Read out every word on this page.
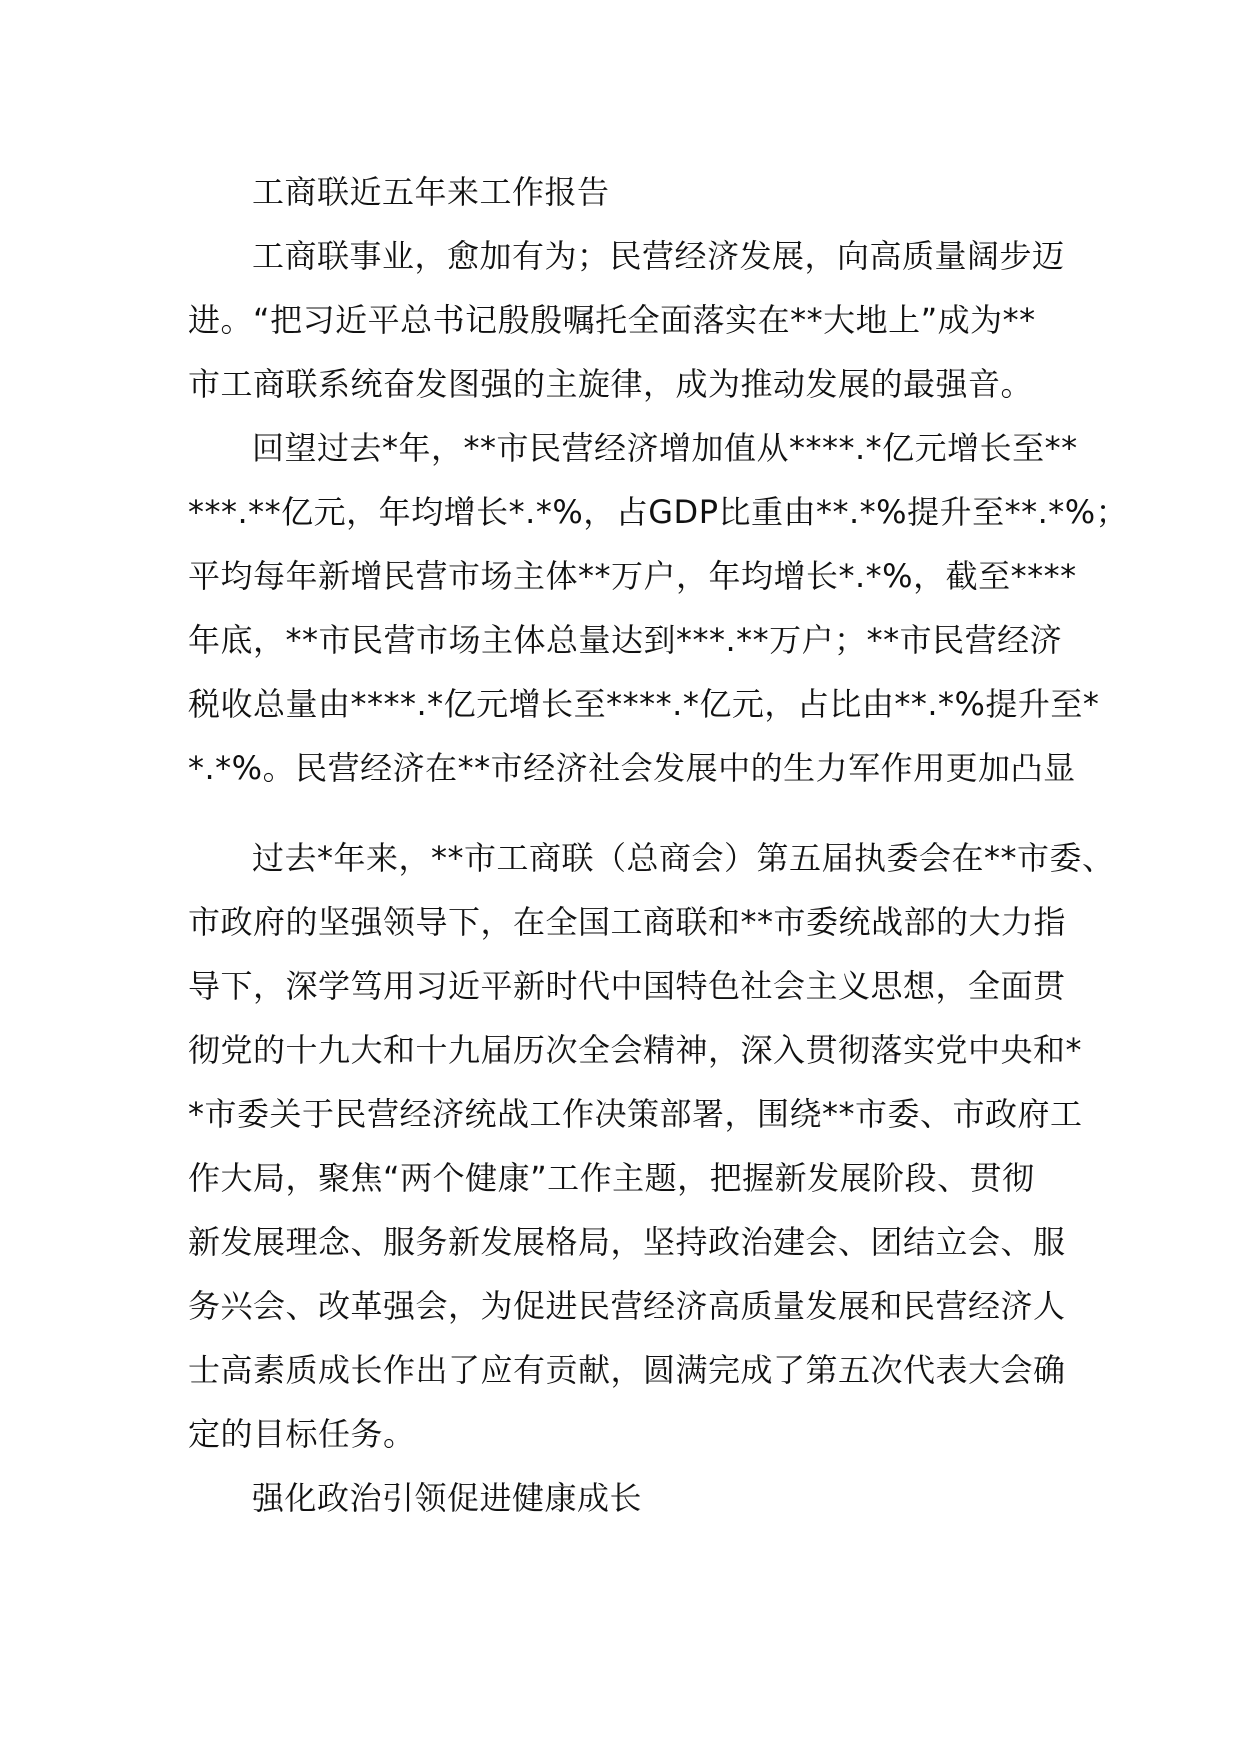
工商联近五年来工作报告

工商联事业，愈加有为；民营经济发展，向高质量阔步迈
进。“把习近平总书记殷殷嘱托全面落实在**大地上”成为**
市工商联系统奋发图强的主旋律，成为推动发展的最强音。

回望过去*年，**市民营经济增加值从****.*亿元增长至**
***.**亿元，年均增长*.*%，占GDP比重由**.*%提升至**.*%；
平均每年新增民营市场主体**万户，年均增长*.*%，截至****
年底，**市民营市场主体总量达到***.**万户；**市民营经济
税收总量由****.*亿元增长至****.*亿元，占比由**.*%提升至*
*.*%。民营经济在**市经济社会发展中的生力军作用更加凸显

过去*年来，**市工商联（总商会）第五届执委会在**市委、
市政府的坚强领导下，在全国工商联和**市委统战部的大力指
导下，深学笃用习近平新时代中国特色社会主义思想，全面贯
彻党的十九大和十九届历次全会精神，深入贯彻落实党中央和*
*市委关于民营经济统战工作决策部署，围绕**市委、市政府工
作大局，聚焦“两个健康”工作主题，把握新发展阶段、贯彻
新发展理念、服务新发展格局，坚持政治建会、团结立会、服
务兴会、改革强会，为促进民营经济高质量发展和民营经济人
士高素质成长作出了应有贡献，圆满完成了第五次代表大会确
定的目标任务。

强化政治引领促进健康成长
